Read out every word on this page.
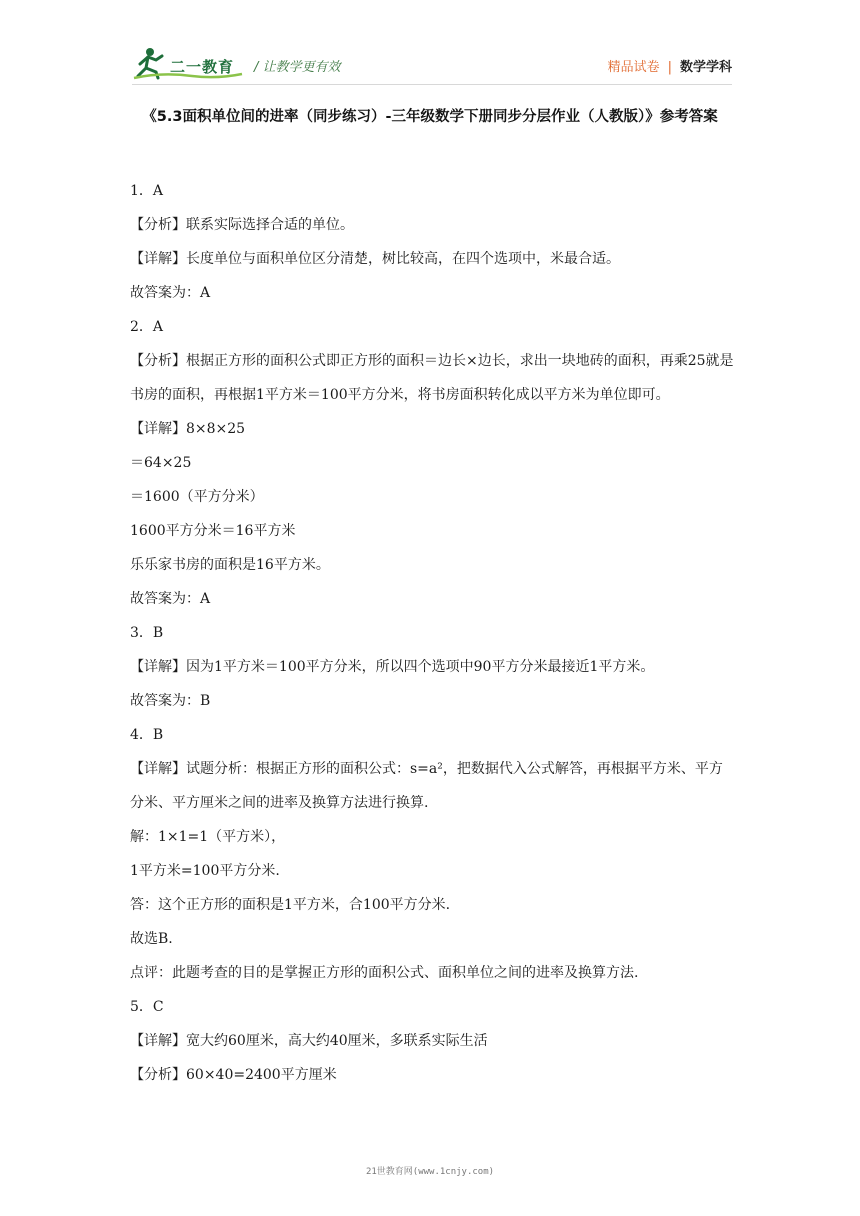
二一教育 / 让教学更有效	精品试卷 | 数学学科
《5.3面积单位间的进率（同步练习）-三年级数学下册同步分层作业（人教版）》参考答案
1．A
【分析】联系实际选择合适的单位。
【详解】长度单位与面积单位区分清楚，树比较高，在四个选项中，米最合适。
故答案为：A
2．A
【分析】根据正方形的面积公式即正方形的面积＝边长×边长，求出一块地砖的面积，再乘25就是书房的面积，再根据1平方米＝100平方分米，将书房面积转化成以平方米为单位即可。
【详解】8×8×25
＝64×25
＝1600（平方分米）
1600平方分米＝16平方米
乐乐家书房的面积是16平方米。
故答案为：A
3．B
【详解】因为1平方米＝100平方分米，所以四个选项中90平方分米最接近1平方米。
故答案为：B
4．B
【详解】试题分析：根据正方形的面积公式：s=a²，把数据代入公式解答，再根据平方米、平方分米、平方厘米之间的进率及换算方法进行换算.
解：1×1=1（平方米），
1平方米=100平方分米.
答：这个正方形的面积是1平方米，合100平方分米.
故选B.
点评：此题考查的目的是掌握正方形的面积公式、面积单位之间的进率及换算方法.
5．C
【详解】宽大约60厘米，高大约40厘米，多联系实际生活
【分析】60×40=2400平方厘米
21世教育网(www.1cnjy.com)
